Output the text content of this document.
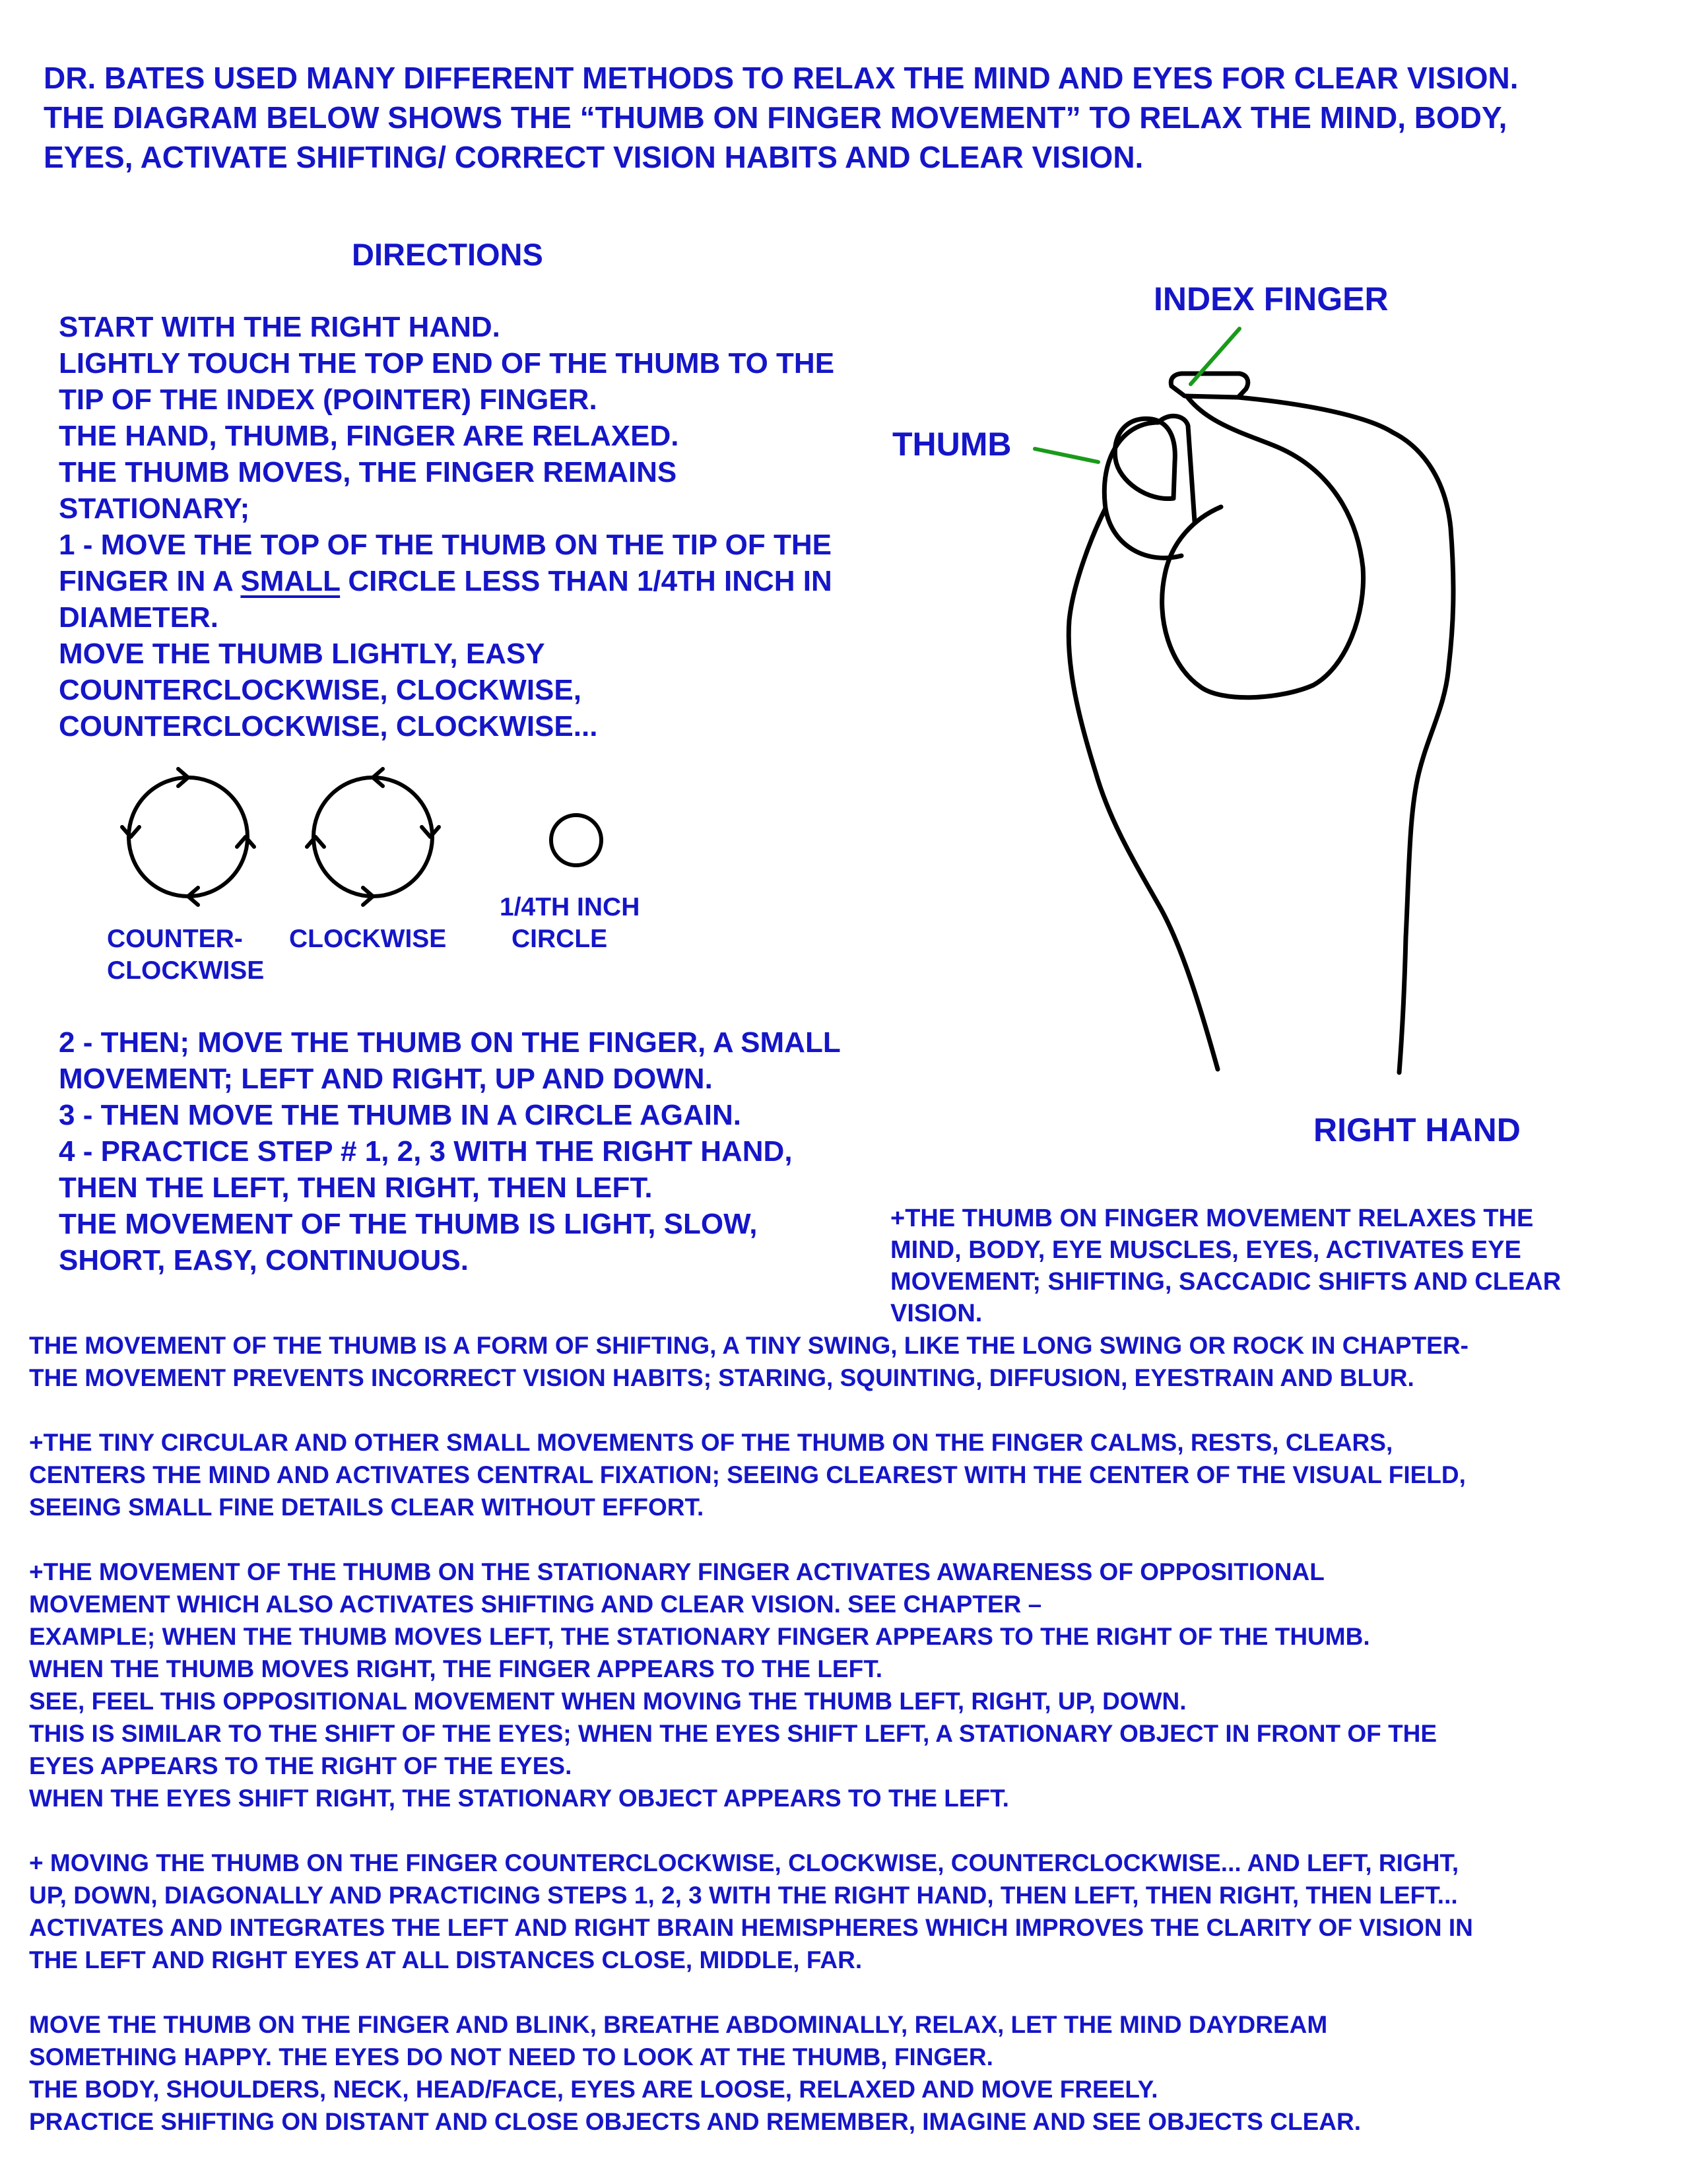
DR. BATES USED MANY DIFFERENT METHODS TO RELAX THE MIND AND EYES FOR CLEAR VISION.
THE DIAGRAM BELOW SHOWS THE “THUMB ON FINGER MOVEMENT” TO RELAX THE MIND, BODY,
EYES, ACTIVATE SHIFTING/ CORRECT VISION HABITS AND CLEAR VISION.
DIRECTIONS
START WITH THE RIGHT HAND.
LIGHTLY TOUCH THE TOP END OF THE THUMB TO THE
TIP OF THE INDEX (POINTER) FINGER.
THE HAND, THUMB, FINGER ARE RELAXED.
THE THUMB MOVES, THE FINGER REMAINS
STATIONARY;
1 - MOVE THE TOP OF THE THUMB ON THE TIP OF THE
FINGER IN A SMALL CIRCLE LESS THAN 1/4TH INCH IN
DIAMETER.
MOVE THE THUMB LIGHTLY, EASY
COUNTERCLOCKWISE, CLOCKWISE,
COUNTERCLOCKWISE, CLOCKWISE...
COUNTER-
CLOCKWISE
CLOCKWISE
1/4TH INCH
CIRCLE
2 - THEN; MOVE THE THUMB ON THE FINGER, A SMALL
MOVEMENT; LEFT AND RIGHT, UP AND DOWN.
3 - THEN MOVE THE THUMB IN A CIRCLE AGAIN.
4 - PRACTICE STEP # 1, 2, 3 WITH THE RIGHT HAND,
THEN THE LEFT, THEN RIGHT, THEN LEFT.
THE MOVEMENT OF THE THUMB IS LIGHT, SLOW,
SHORT, EASY, CONTINUOUS.
INDEX FINGER
THUMB
RIGHT HAND
+THE THUMB ON FINGER MOVEMENT RELAXES THE
MIND, BODY, EYE MUSCLES, EYES, ACTIVATES EYE
MOVEMENT; SHIFTING, SACCADIC SHIFTS AND CLEAR
VISION.
THE MOVEMENT OF THE THUMB IS A FORM OF SHIFTING, A TINY SWING, LIKE THE LONG SWING OR ROCK IN CHAPTER-
THE MOVEMENT PREVENTS INCORRECT VISION HABITS; STARING, SQUINTING, DIFFUSION, EYESTRAIN AND BLUR.
+THE TINY CIRCULAR AND OTHER SMALL MOVEMENTS OF THE THUMB ON THE FINGER CALMS, RESTS, CLEARS,
CENTERS THE MIND AND ACTIVATES CENTRAL FIXATION; SEEING CLEAREST WITH THE CENTER OF THE VISUAL FIELD,
SEEING SMALL FINE DETAILS CLEAR WITHOUT EFFORT.
+THE MOVEMENT OF THE THUMB ON THE STATIONARY FINGER ACTIVATES AWARENESS OF OPPOSITIONAL
MOVEMENT WHICH ALSO ACTIVATES SHIFTING AND CLEAR VISION. SEE CHAPTER –
EXAMPLE; WHEN THE THUMB MOVES LEFT, THE STATIONARY FINGER APPEARS TO THE RIGHT OF THE THUMB.
WHEN THE THUMB MOVES RIGHT, THE FINGER APPEARS TO THE LEFT.
SEE, FEEL THIS OPPOSITIONAL MOVEMENT WHEN MOVING THE THUMB LEFT, RIGHT, UP, DOWN.
THIS IS SIMILAR TO THE SHIFT OF THE EYES; WHEN THE EYES SHIFT LEFT, A STATIONARY OBJECT IN FRONT OF THE
EYES APPEARS TO THE RIGHT OF THE EYES.
WHEN THE EYES SHIFT RIGHT, THE STATIONARY OBJECT APPEARS TO THE LEFT.
+ MOVING THE THUMB ON THE FINGER COUNTERCLOCKWISE, CLOCKWISE, COUNTERCLOCKWISE... AND LEFT, RIGHT,
UP, DOWN, DIAGONALLY AND PRACTICING STEPS 1, 2, 3 WITH THE RIGHT HAND, THEN LEFT, THEN RIGHT, THEN LEFT...
ACTIVATES AND INTEGRATES THE LEFT AND RIGHT BRAIN HEMISPHERES WHICH IMPROVES THE CLARITY OF VISION IN
THE LEFT AND RIGHT EYES AT ALL DISTANCES CLOSE, MIDDLE, FAR.
MOVE THE THUMB ON THE FINGER AND BLINK, BREATHE ABDOMINALLY, RELAX, LET THE MIND DAYDREAM
SOMETHING HAPPY. THE EYES DO NOT NEED TO LOOK AT THE THUMB, FINGER.
THE BODY, SHOULDERS, NECK, HEAD/FACE, EYES ARE LOOSE, RELAXED AND MOVE FREELY.
PRACTICE SHIFTING ON DISTANT AND CLOSE OBJECTS AND REMEMBER, IMAGINE AND SEE OBJECTS CLEAR.
